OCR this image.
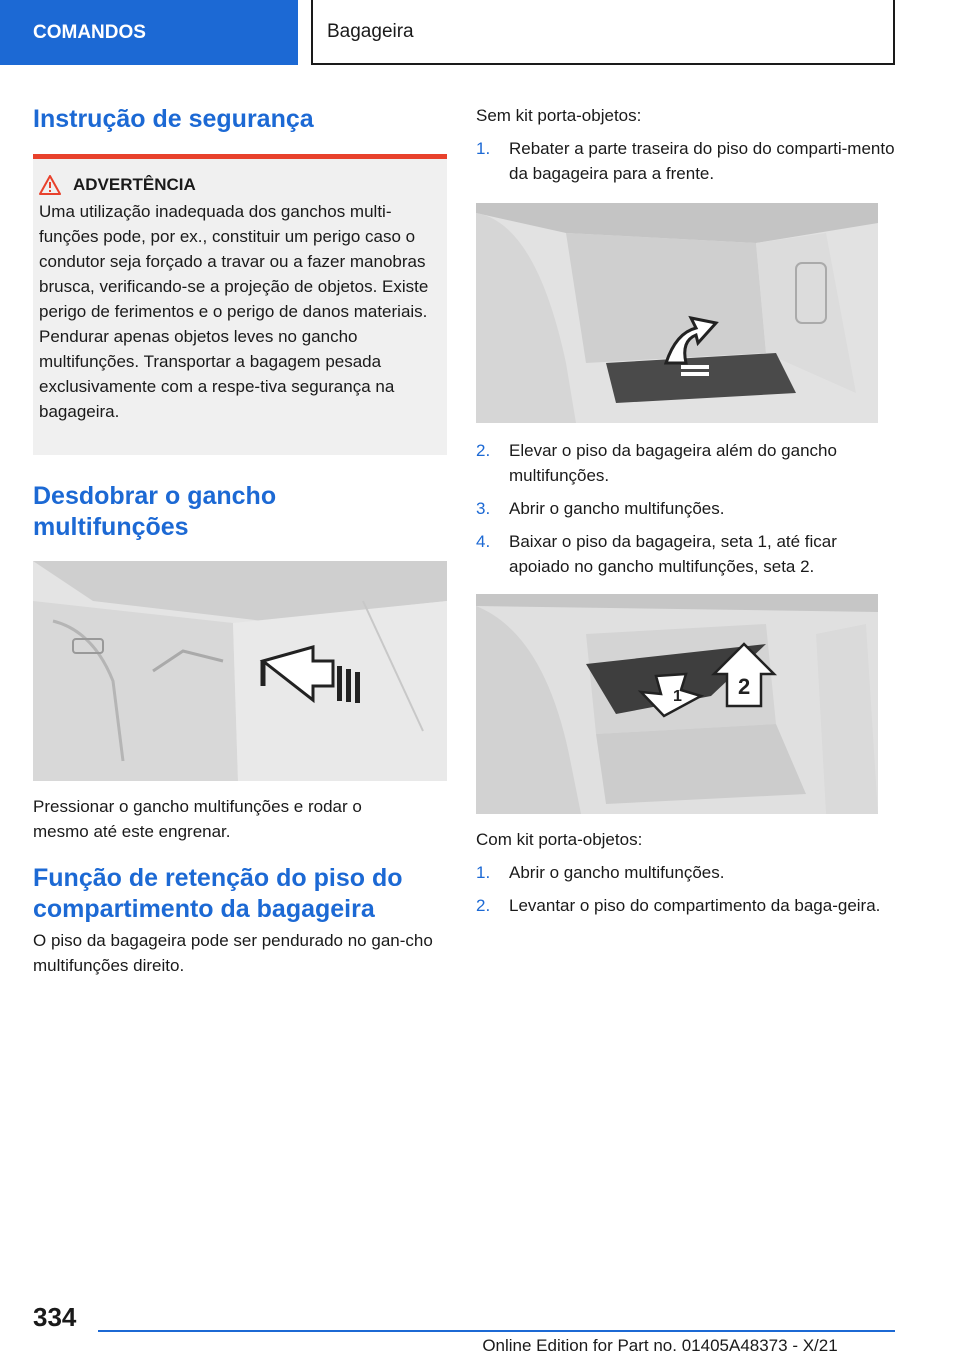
COMANDOS	Bagageira
Instrução de segurança
ADVERTÊNCIA

Uma utilização inadequada dos ganchos multi-funções pode, por ex., constituir um perigo caso o condutor seja forçado a travar ou a fazer manobras brusca, verificando-se a projeção de objetos. Existe perigo de ferimentos e o perigo de danos materiais. Pendurar apenas objetos leves no gancho multifunções. Transportar a bagagem pesada exclusivamente com a respe-tiva segurança na bagageira.

Desdobrar o gancho multifunções

Pressionar o gancho multifunções e rodar o mesmo até este engrenar.

Função de retenção do piso do compartimento da bagageira

O piso da bagageira pode ser pendurado no gan-cho multifunções direito.

Sem kit porta-objetos:

1.	Rebater a parte traseira do piso do comparti-mento da bagageira para a frente.
2.	Elevar o piso da bagageira além do gancho multifunções.
3.	Abrir o gancho multifunções.
4.	Baixar o piso da bagageira, seta 1, até ficar apoiado no gancho multifunções, seta 2.
1	2

Com kit porta-objetos:

1.	Abrir o gancho multifunções.
2.	Levantar o piso do compartimento da baga-geira.
334
Online Edition for Part no. 01405A48373 - X/21
